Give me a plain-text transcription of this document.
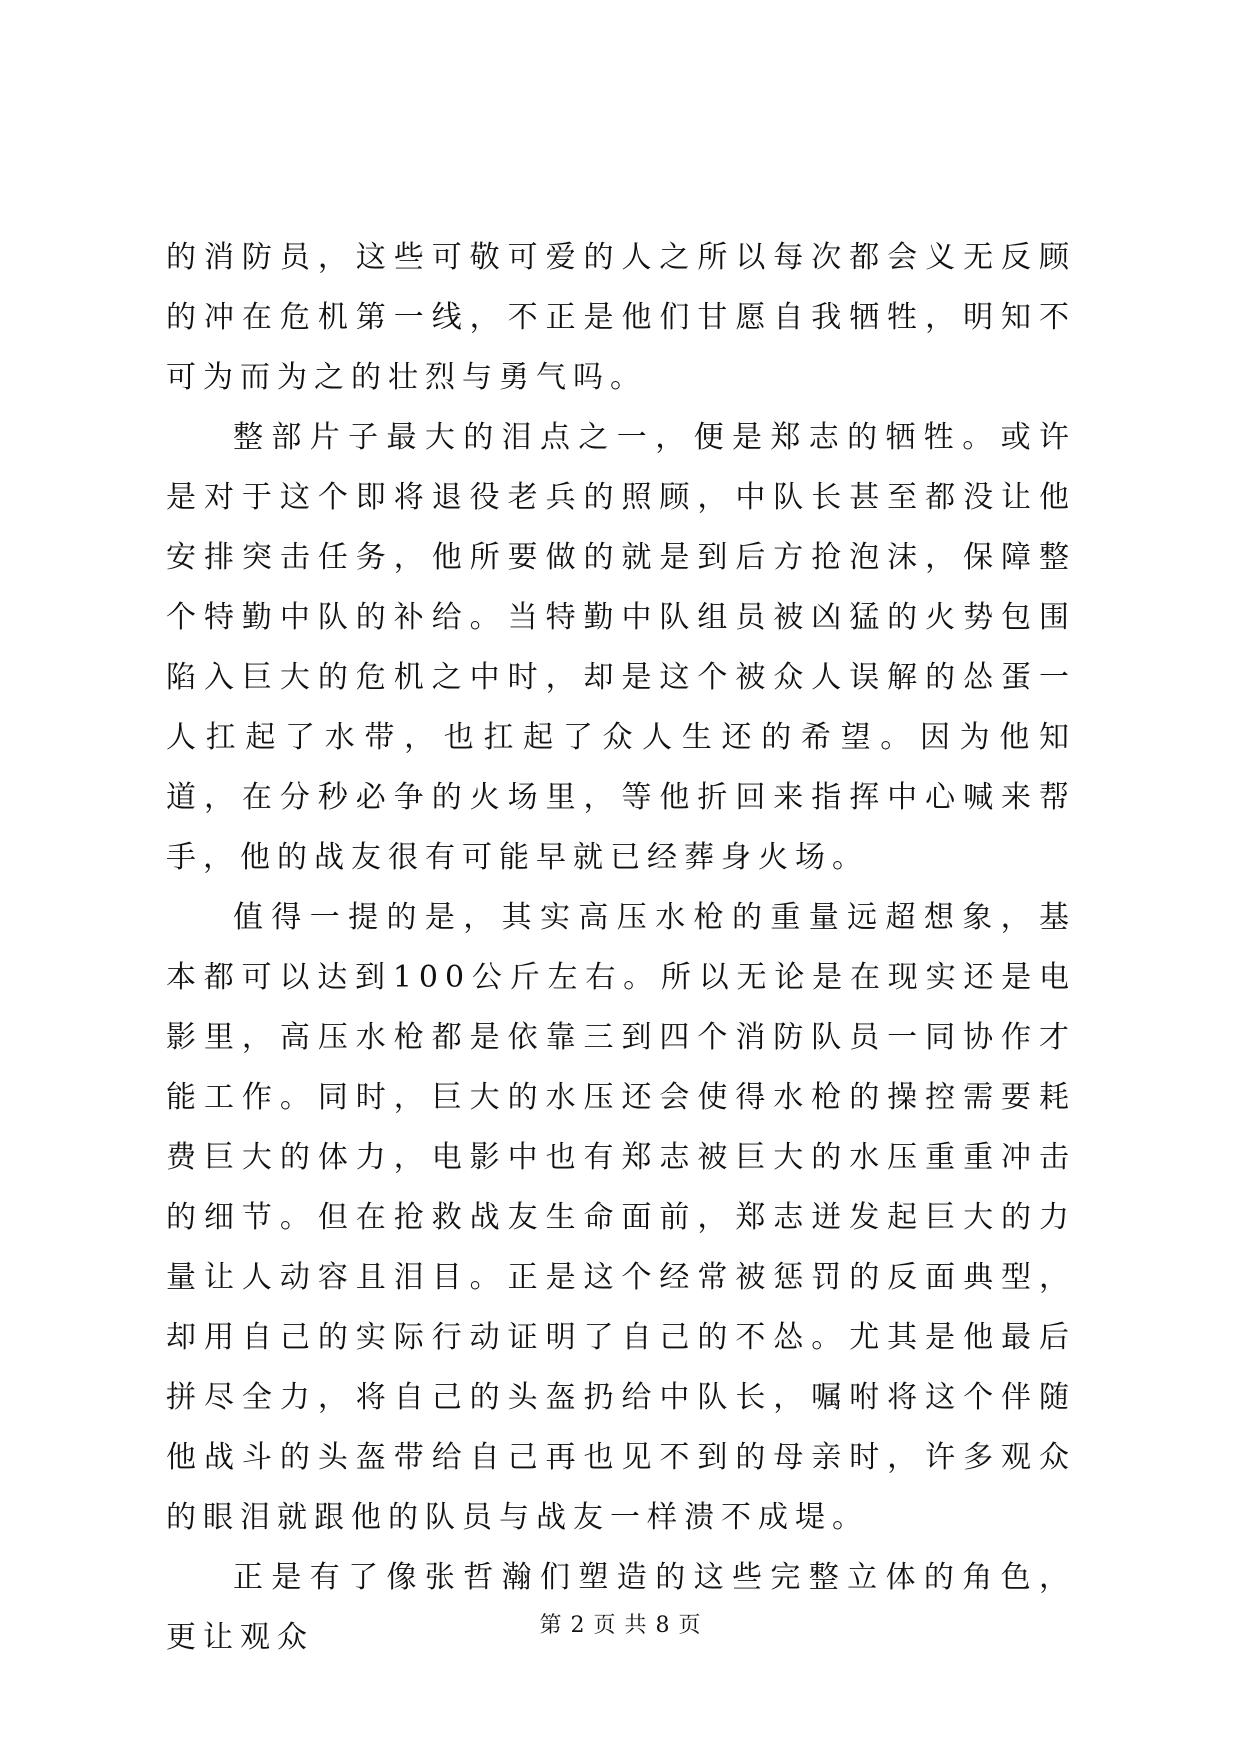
的消防员，这些可敬可爱的人之所以每次都会义无反顾的冲在危机第一线，不正是他们甘愿自我牺牲，明知不可为而为之的壮烈与勇气吗。

整部片子最大的泪点之一，便是郑志的牺牲。或许是对于这个即将退役老兵的照顾，中队长甚至都没让他安排突击任务，他所要做的就是到后方抢泡沫，保障整个特勤中队的补给。当特勤中队组员被凶猛的火势包围陷入巨大的危机之中时，却是这个被众人误解的怂蛋一人扛起了水带，也扛起了众人生还的希望。因为他知道，在分秒必争的火场里，等他折回来指挥中心喊来帮手，他的战友很有可能早就已经葬身火场。

值得一提的是，其实高压水枪的重量远超想象，基本都可以达到100公斤左右。所以无论是在现实还是电影里，高压水枪都是依靠三到四个消防队员一同协作才能工作。同时，巨大的水压还会使得水枪的操控需要耗费巨大的体力，电影中也有郑志被巨大的水压重重冲击的细节。但在抢救战友生命面前，郑志迸发起巨大的力量让人动容且泪目。正是这个经常被惩罚的反面典型，却用自己的实际行动证明了自己的不怂。尤其是他最后拼尽全力，将自己的头盔扔给中队长，嘱咐将这个伴随他战斗的头盔带给自己再也见不到的母亲时，许多观众的眼泪就跟他的队员与战友一样溃不成堤。

正是有了像张哲瀚们塑造的这些完整立体的角色，更让观众	第 2 页 共 8 页
